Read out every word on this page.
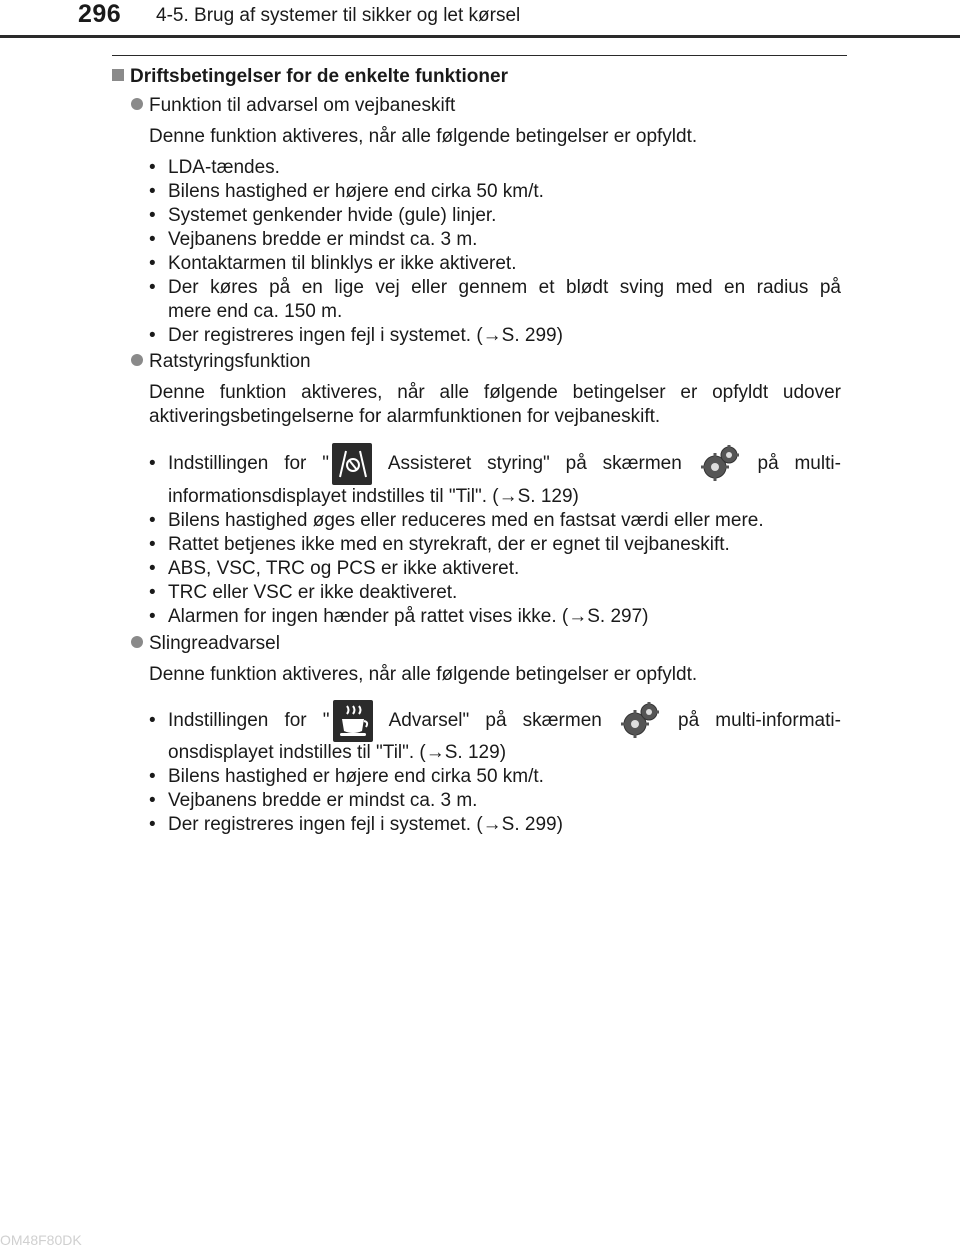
296 4-5. Brug af systemer til sikker og let kørsel
Driftsbetingelser for de enkelte funktioner
Funktion til advarsel om vejbaneskift
Denne funktion aktiveres, når alle følgende betingelser er opfyldt.
• LDA-tændes.
• Bilens hastighed er højere end cirka 50 km/t.
• Systemet genkender hvide (gule) linjer.
• Vejbanens bredde er mindst ca. 3 m.
• Kontaktarmen til blinklys er ikke aktiveret.
• Der køres på en lige vej eller gennem et blødt sving med en radius på
mere end ca. 150 m.
• Der registreres ingen fejl i systemet. (→S. 299)
Ratstyringsfunktion
Denne funktion aktiveres, når alle følgende betingelser er opfyldt udover
aktiveringsbetingelserne for alarmfunktionen for vejbaneskift.
• Indstillingen for "	Assisteret styring" på skærmen	på multi-
informationsdisplayet indstilles til "Til". (→S. 129)
• Bilens hastighed øges eller reduceres med en fastsat værdi eller mere.
• Rattet betjenes ikke med en styrekraft, der er egnet til vejbaneskift.
• ABS, VSC, TRC og PCS er ikke aktiveret.
• TRC eller VSC er ikke deaktiveret.
• Alarmen for ingen hænder på rattet vises ikke. (→S. 297)
Slingreadvarsel
Denne funktion aktiveres, når alle følgende betingelser er opfyldt.
• Indstillingen for "	Advarsel" på skærmen	på multi-informati-
onsdisplayet indstilles til "Til". (→S. 129)
• Bilens hastighed er højere end cirka 50 km/t.
• Vejbanens bredde er mindst ca. 3 m.
• Der registreres ingen fejl i systemet. (→S. 299)
OM48F80DK
